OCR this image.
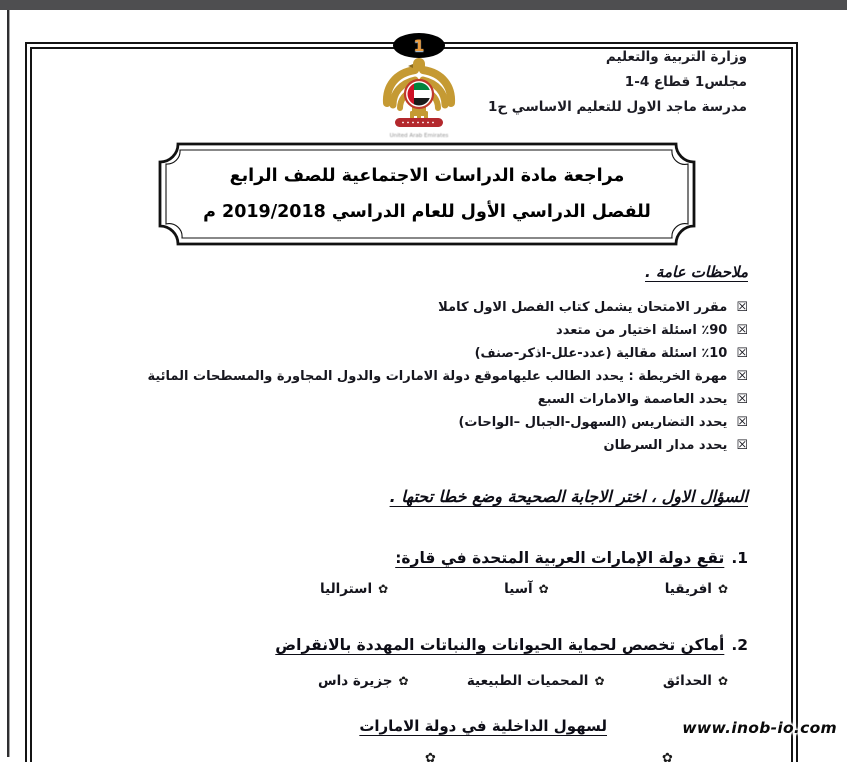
1
United Arab Emirates
وزارة التربية والتعليم
مجلس1 قطاع 4-1
مدرسة ماجد الاول للتعليم الاساسي ح1
مراجعة مادة الدراسات الاجتماعية للصف الرابع
للفصل الدراسي الأول للعام الدراسي 2019/2018 م
ملاحظات عامة .
☒مقرر الامتحان يشمل كتاب الفصل الاول كاملا
☒٪90 اسئلة اختيار من متعدد
☒٪10 اسئلة مقالية (عدد-علل-اذكر-صنف)
☒مهرة الخريطة : يحدد الطالب عليهاموقع دولة الامارات والدول المجاورة والمسطحات المائية
☒يحدد العاصمة والامارات السبع
☒يحدد التضاريس (السهول-الجبال –الواحات)
☒يحدد مدار السرطان
السؤال الاول ، اختر الاجابة الصحيحة وضع خطا تحتها .
1.تقع دولة الإمارات العربية المتحدة في قارة:
✿
افريقيا
✿
آسيا
✿
استراليا
2.أماكن تخصص لحماية الحيوانات والنباتات المهددة بالانقراض
✿
الحدائق
✿
المحميات الطبيعية
✿
جزيرة داس
لسهول الداخلية في دولة الامارات
✿	✿
www.inob-io.com
